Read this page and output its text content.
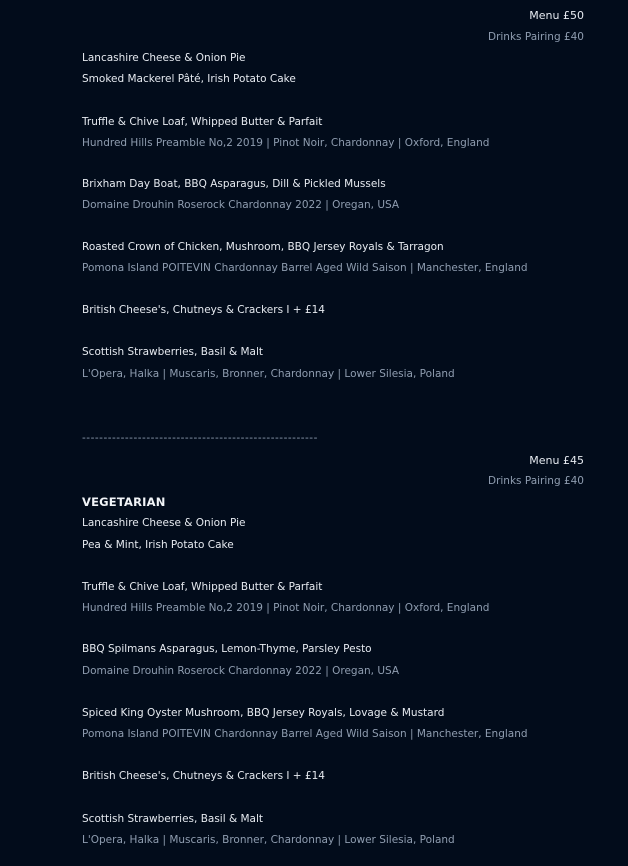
Menu £50
Drinks Pairing £40
Lancashire Cheese & Onion Pie
Smoked Mackerel Pâté, Irish Potato Cake
Truffle & Chive Loaf, Whipped Butter & Parfait
Hundred Hills Preamble No,2 2019 | Pinot Noir, Chardonnay | Oxford, England
Brixham Day Boat, BBQ Asparagus, Dill & Pickled Mussels
Domaine Drouhin Roserock Chardonnay 2022 | Oregan, USA
Roasted Crown of Chicken, Mushroom, BBQ Jersey Royals & Tarragon
Pomona Island POITEVIN Chardonnay Barrel Aged Wild Saison | Manchester, England
British Cheese's, Chutneys & Crackers I + £14
Scottish Strawberries, Basil & Malt
L'Opera, Halka | Muscaris, Bronner, Chardonnay | Lower Silesia, Poland
-------------------------------------------------------
Menu £45
Drinks Pairing £40
VEGETARIAN
Lancashire Cheese & Onion Pie
Pea & Mint, Irish Potato Cake
Truffle & Chive Loaf, Whipped Butter & Parfait
Hundred Hills Preamble No,2 2019 | Pinot Noir, Chardonnay | Oxford, England
BBQ Spilmans Asparagus, Lemon-Thyme, Parsley Pesto
Domaine Drouhin Roserock Chardonnay 2022 | Oregan, USA
Spiced King Oyster Mushroom, BBQ Jersey Royals, Lovage & Mustard
Pomona Island POITEVIN Chardonnay Barrel Aged Wild Saison | Manchester, England
British Cheese's, Chutneys & Crackers I + £14
Scottish Strawberries, Basil & Malt
L'Opera, Halka | Muscaris, Bronner, Chardonnay | Lower Silesia, Poland
